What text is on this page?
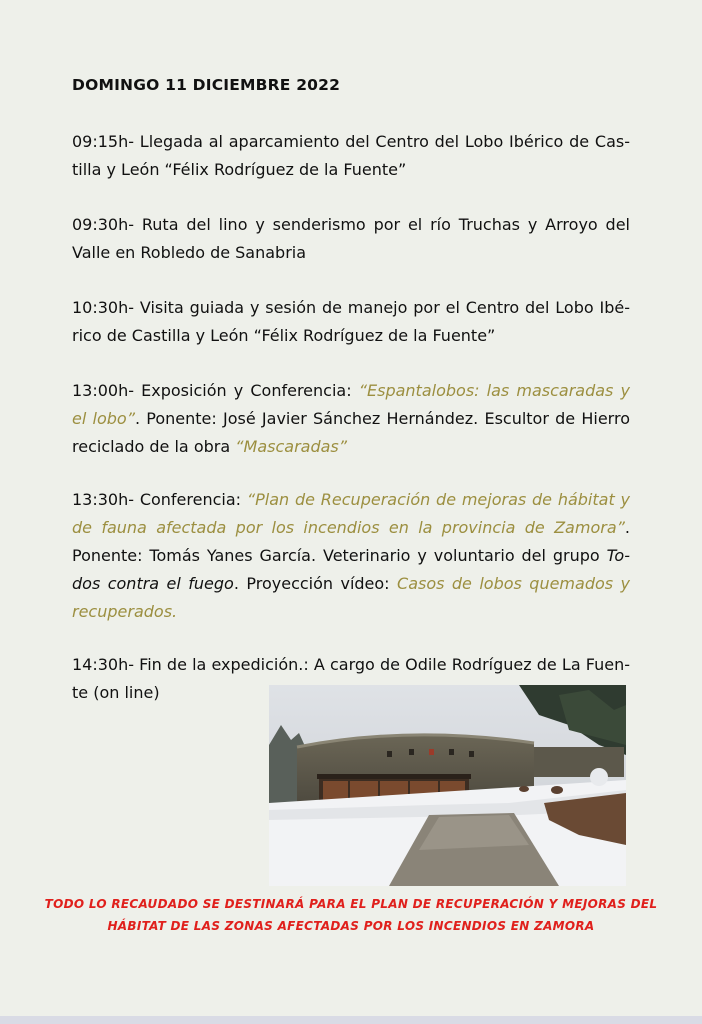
DOMINGO 11 DICIEMBRE 2022
09:15h- Llegada al aparcamiento del Centro del Lobo Ibérico de Castilla y León “Félix Rodríguez de la Fuente”
09:30h- Ruta del lino y senderismo por el río Truchas y Arroyo del Valle en Robledo de Sanabria
10:30h- Visita guiada y sesión de manejo por el Centro del Lobo Ibérico de Castilla y León “Félix Rodríguez de la Fuente”
13:00h- Exposición y Conferencia: “Espantalobos: las mascaradas y el lobo”. Ponente: José Javier Sánchez Hernández. Escultor de Hierro reciclado de la obra “Mascaradas”
13:30h- Conferencia: “Plan de Recuperación de mejoras de hábitat y de fauna afectada por los incendios en la provincia de Zamora”. Ponente: Tomás Yanes García. Veterinario y voluntario del grupo Todos contra el fuego. Proyección vídeo: Casos de lobos quemados y recuperados.
14:30h- Fin de la expedición.: A cargo de Odile Rodríguez de La Fuente (on line)
TODO LO RECAUDADO SE DESTINARÁ PARA EL PLAN DE RECUPERACIÓN Y MEJORAS DEL
HÁBITAT DE LAS ZONAS AFECTADAS POR LOS INCENDIOS EN ZAMORA
